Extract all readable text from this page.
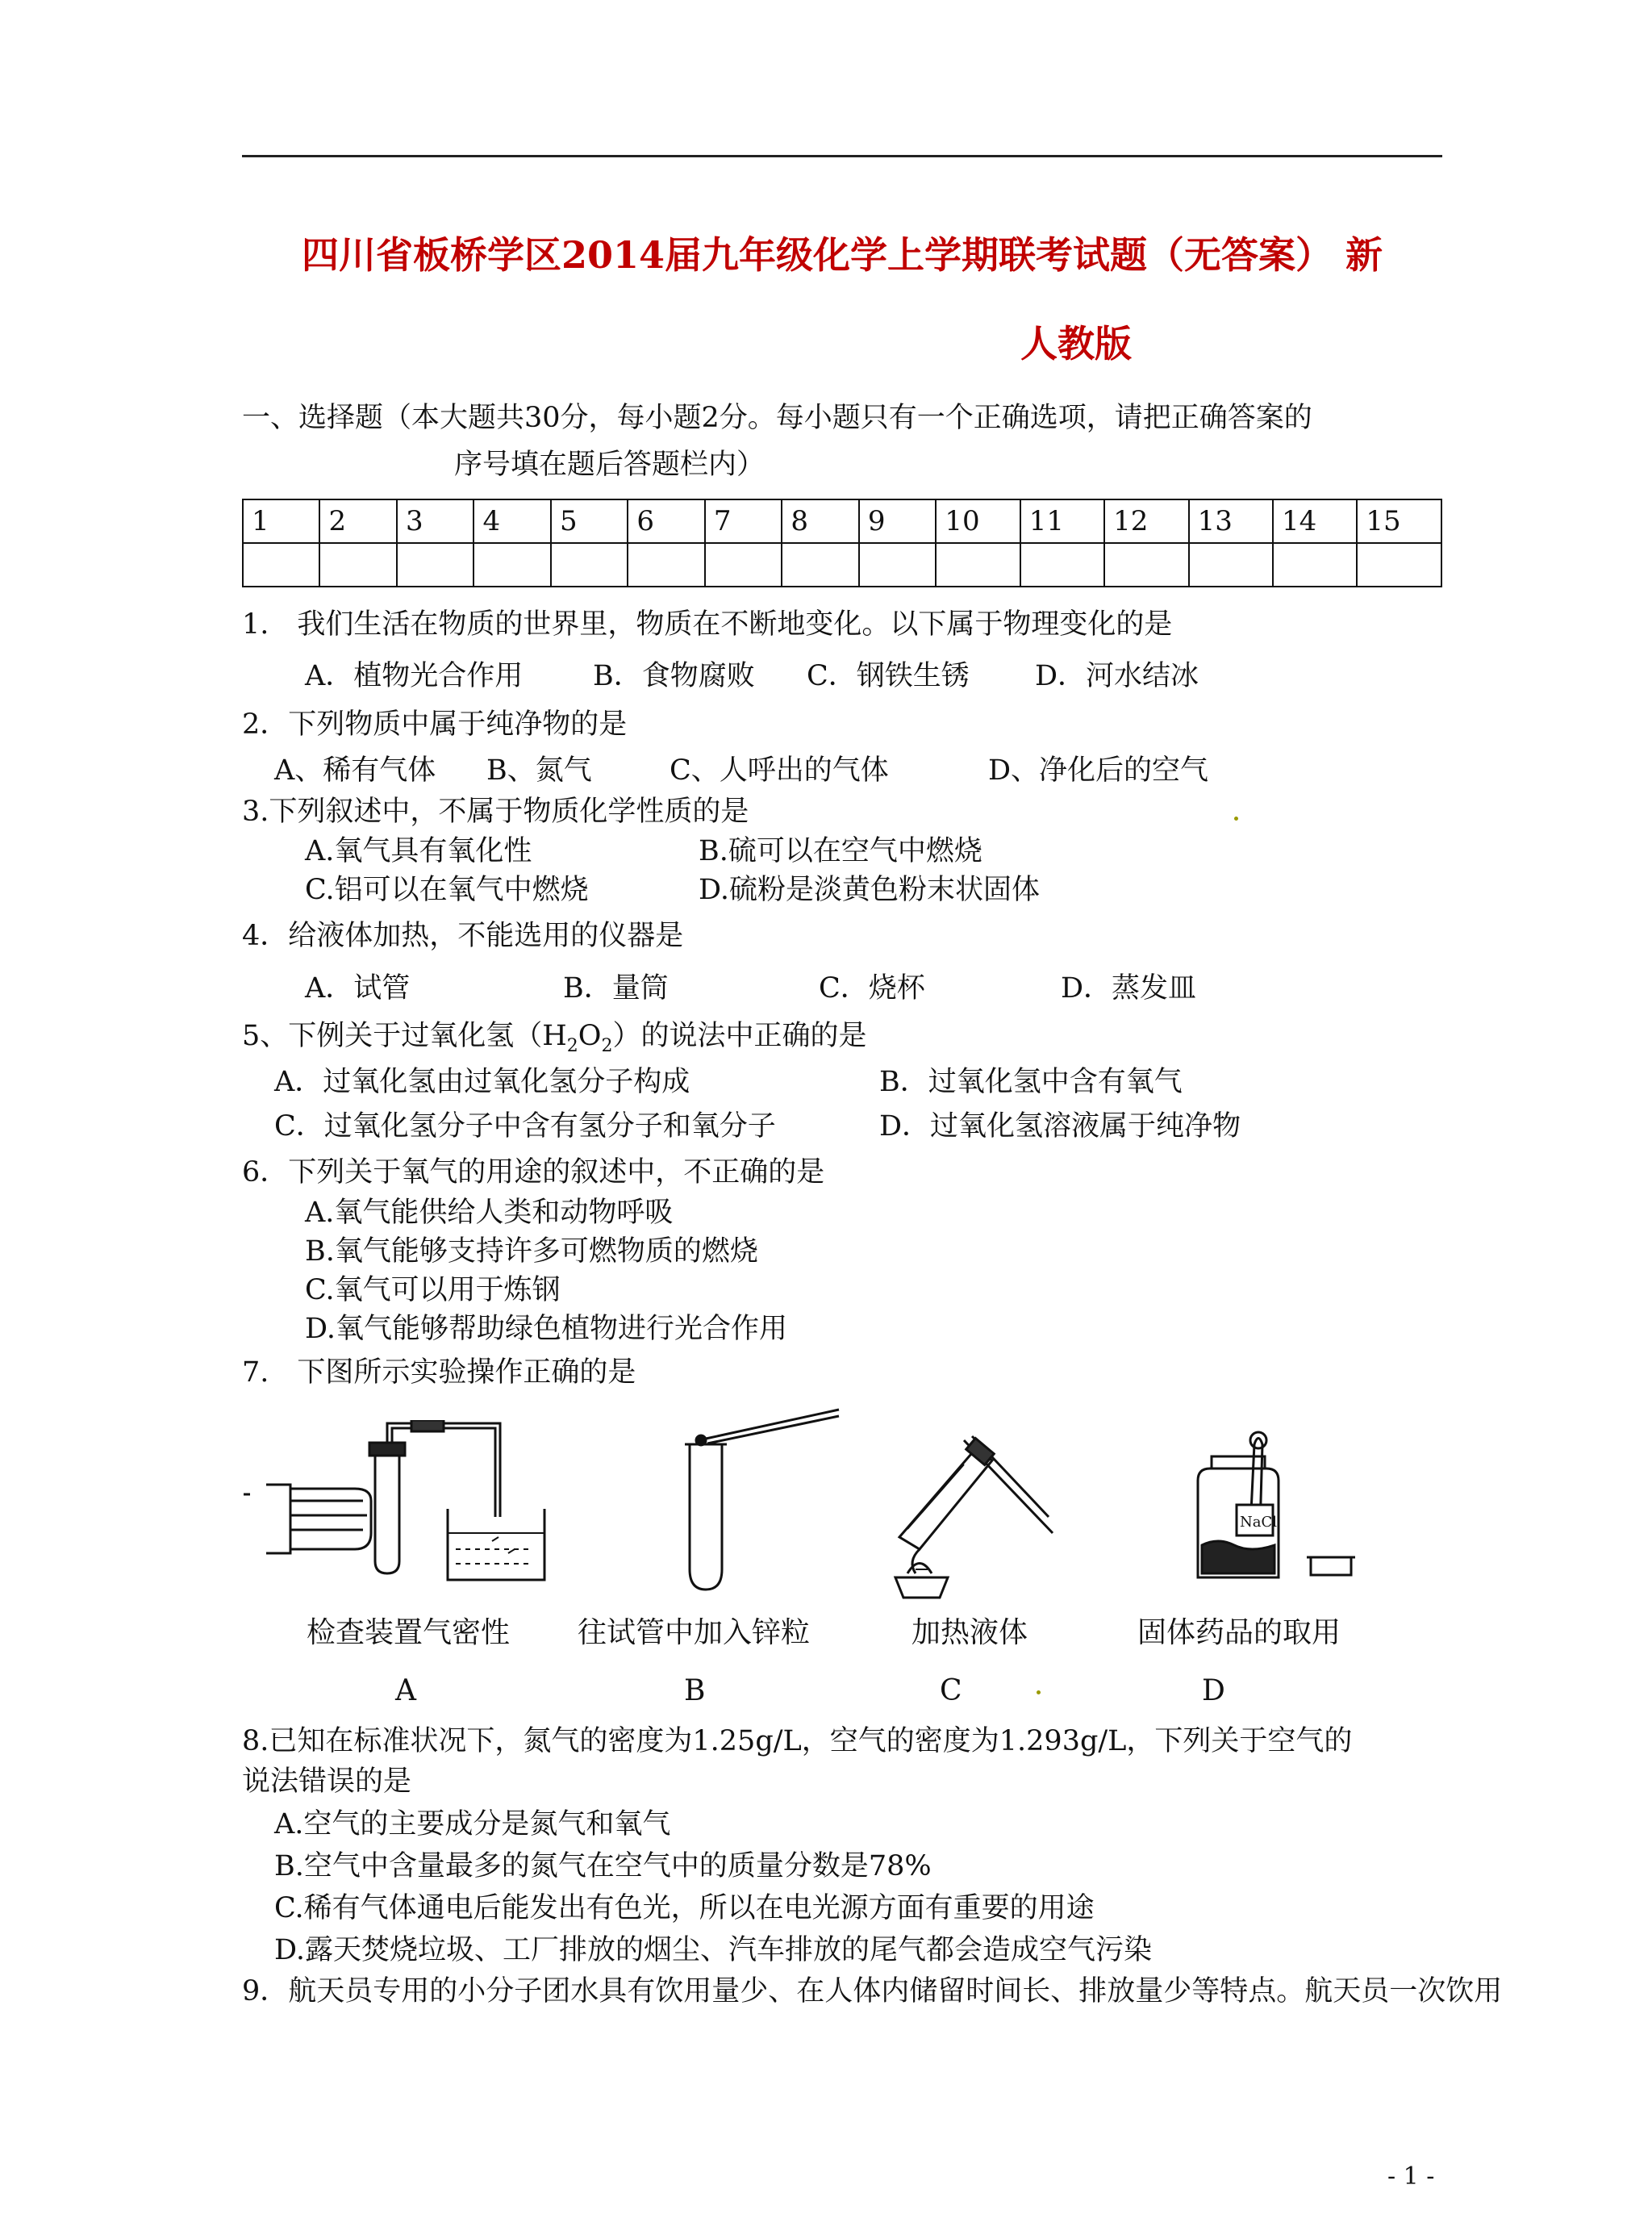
四川省板桥学区2014届九年级化学上学期联考试题（无答案） 新
人教版
一、选择题（本大题共30分，每小题2分。每小题只有一个正确选项，请把正确答案的
序号填在题后答题栏内）
1	2	3	4	5	6	7	8	9	10	11	12	13	14	15

1.　我们生活在物质的世界里，物质在不断地变化。以下属于物理变化的是
A．植物光合作用 B．食物腐败 C．钢铁生锈 D．河水结冰
2．下列物质中属于纯净物的是
A、稀有气体 B、氮气	C、人呼出的气体	D、净化后的空气
3.下列叙述中，不属于物质化学性质的是
A.氧气具有氧化性	B.硫可以在空气中燃烧
C.铝可以在氧气中燃烧	D.硫粉是淡黄色粉末状固体
4．给液体加热，不能选用的仪器是
A．试管	B．量筒	C．烧杯	D．蒸发皿
5、下例关于过氧化氢$(H_2O_2)$的说法中正确的是
A．过氧化氢由过氧化氢分子构成	B．过氧化氢中含有氧气
C．过氧化氢分子中含有氢分子和氧分子	D．过氧化氢溶液属于纯净物
6．下列关于氧气的用途的叙述中，不正确的是
A.氧气能供给人类和动物呼吸
B.氧气能够支持许多可燃物质的燃烧
C.氧气可以用于炼钢
D.氧气能够帮助绿色植物进行光合作用
7.　下图所示实验操作正确的是
NaCl
检查装置气密性 往试管中加入锌粒	加热液体	固体药品的取用
A	B	C	D
8.已知在标准状况下，氮气的密度为1.25g/L，空气的密度为1.293g/L，下列关于空气的
说法错误的是
A.空气的主要成分是氮气和氧气
B.空气中含量最多的氮气在空气中的质量分数是78%
C.稀有气体通电后能发出有色光，所以在电光源方面有重要的用途
D.露天焚烧垃圾、工厂排放的烟尘、汽车排放的尾气都会造成空气污染
9．航天员专用的小分子团水具有饮用量少、在人体内储留时间长、排放量少等特点。航天员一次饮用
- 1 -
